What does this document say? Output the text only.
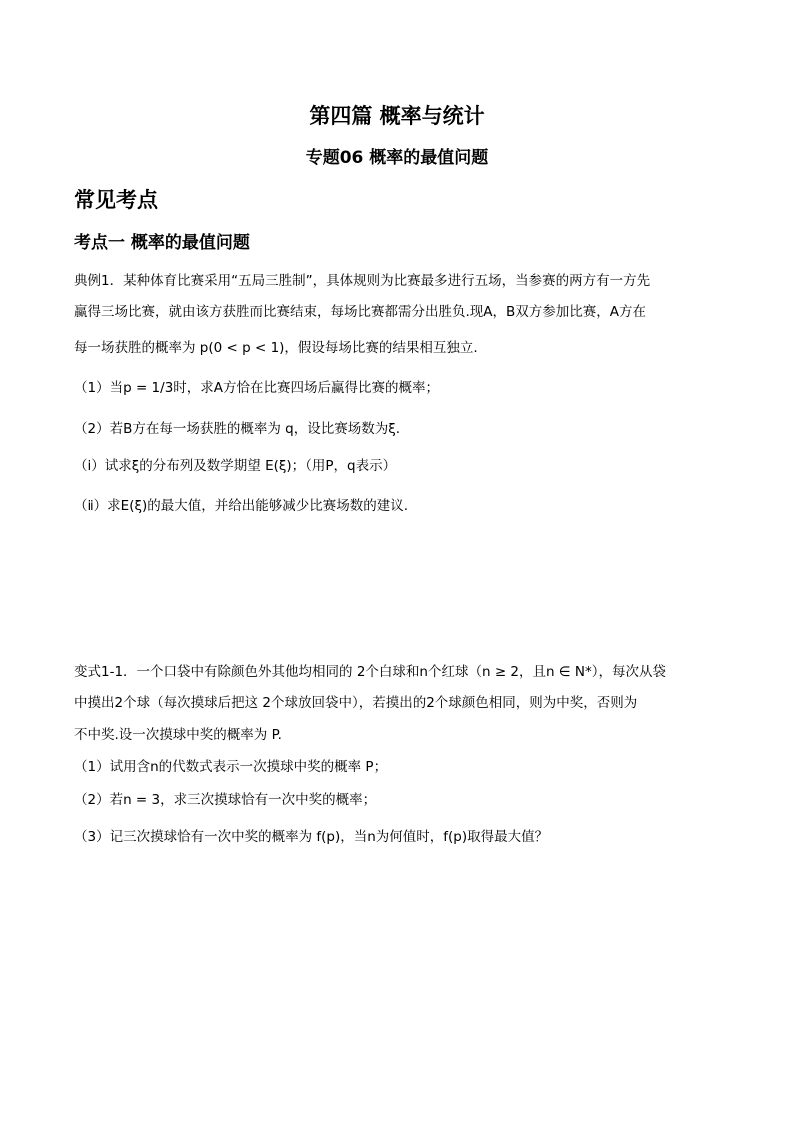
第四篇 概率与统计
专题06 概率的最值问题
常见考点
考点一 概率的最值问题
典例1．某种体育比赛采用“五局三胜制”，具体规则为比赛最多进行五场，当参赛的两方有一方先
赢得三场比赛，就由该方获胜而比赛结束，每场比赛都需分出胜负.现A，B双方参加比赛，A方在
每一场获胜的概率为 p(0 < p < 1)，假设每场比赛的结果相互独立.
（1）当p = 1/3时，求A方恰在比赛四场后赢得比赛的概率；
（2）若B方在每一场获胜的概率为 q，设比赛场数为ξ.
（i）试求ξ的分布列及数学期望 E(ξ)；（用P，q表示）
（ⅱ）求E(ξ)的最大值，并给出能够减少比赛场数的建议.
变式1-1．一个口袋中有除颜色外其他均相同的 2个白球和n个红球（n ≥ 2，且n ∈ N*），每次从袋
中摸出2个球（每次摸球后把这 2个球放回袋中），若摸出的2个球颜色相同，则为中奖，否则为
不中奖.设一次摸球中奖的概率为 P.
（1）试用含n的代数式表示一次摸球中奖的概率 P；
（2）若n = 3，求三次摸球恰有一次中奖的概率；
（3）记三次摸球恰有一次中奖的概率为 f(p)，当n为何值时，f(p)取得最大值？
